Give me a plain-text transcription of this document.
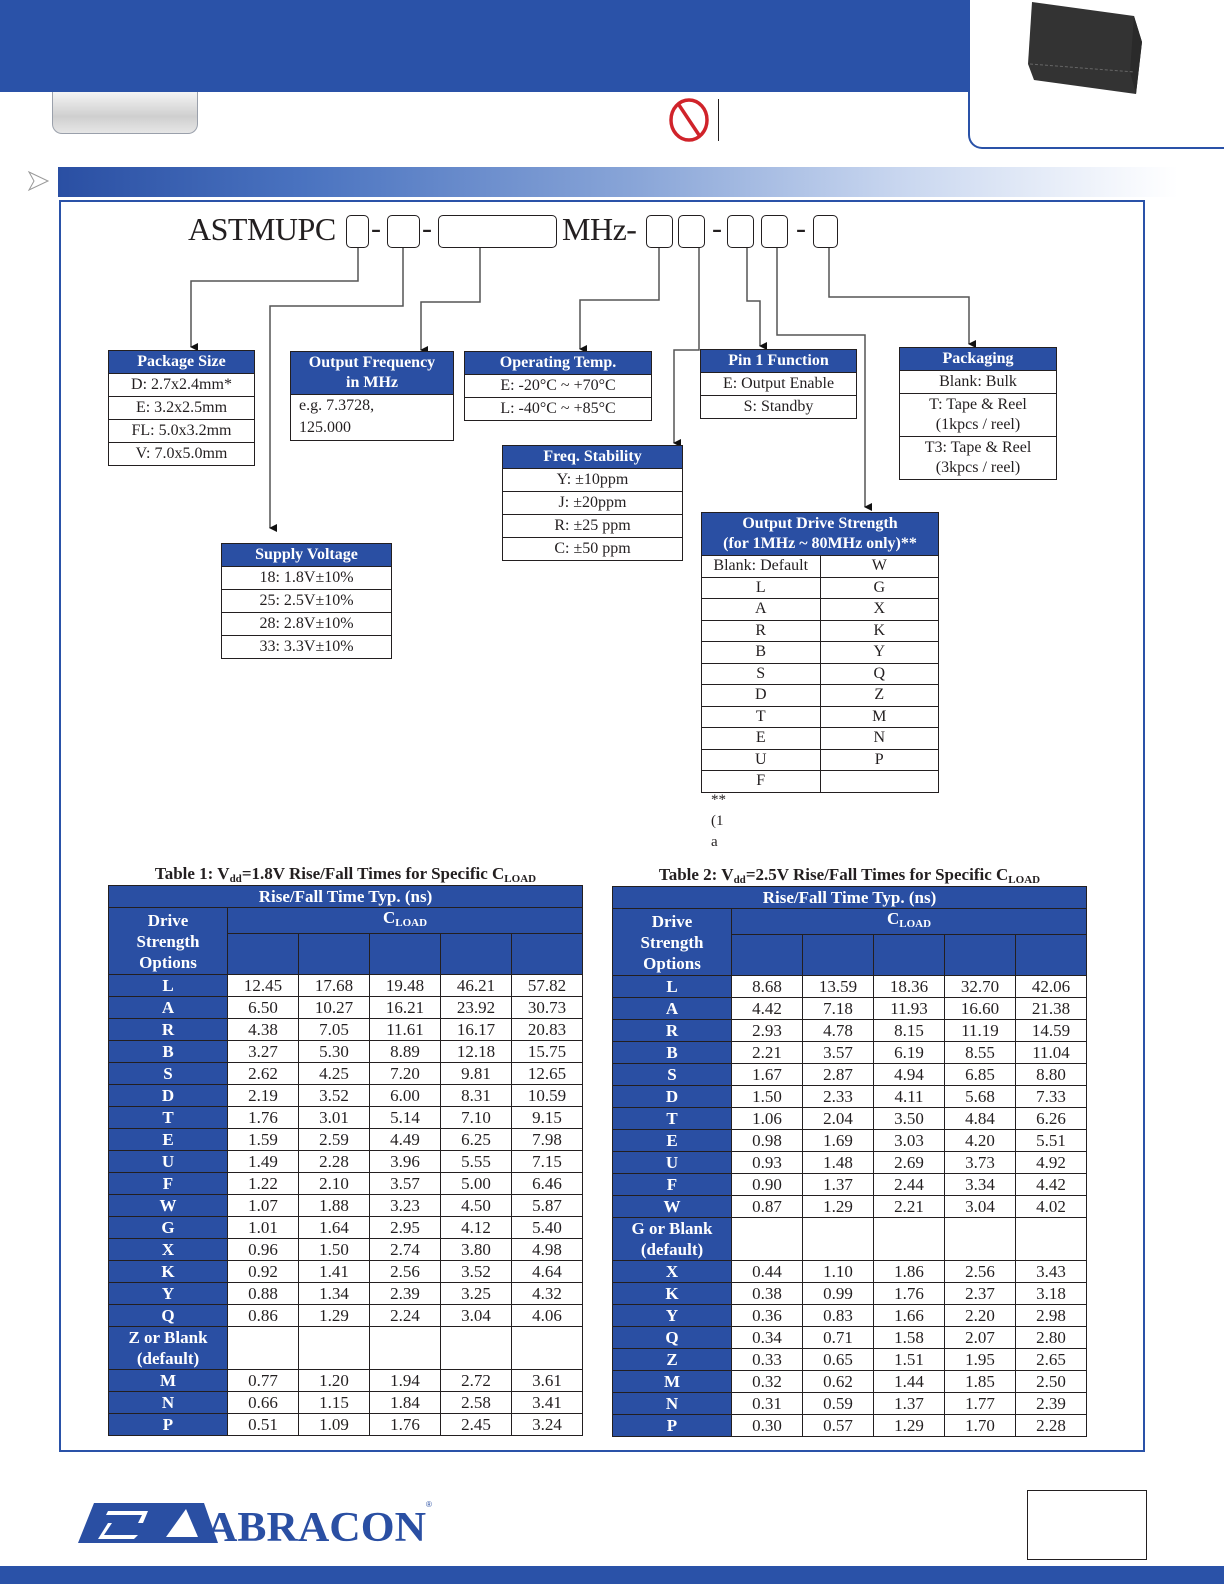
ASTMUPC - -	MHz-	- -
Package Size
D: 2.7x2.4mm*
E: 3.2x2.5mm
FL: 5.0x3.2mm
V: 7.0x5.0mm
Output Frequency
in MHz
e.g. 7.3728,
125.000
Operating Temp.
E: -20°C ~ +70°C
L: -40°C ~ +85°C
Pin 1 Function
E: Output Enable
S: Standby
Packaging
Blank: Bulk
T: Tape & Reel
(1kpcs / reel)
T3: Tape & Reel
(3kpcs / reel)
Freq. Stability
Y: ±10ppm
J: ±20ppm
R: ±25 ppm
C: ±50 ppm
Supply Voltage
18: 1.8V±10%
25: 2.5V±10%
28: 2.8V±10%
33: 3.3V±10%
Output Drive Strength
(for 1MHz ~ 80MHz only)**
Blank: Default	W
L	G
A	X
R	K
B	Y
S	Q
D	Z
T	M
E	N
U	P
F	
**
(1
a
Table 1: $V_{dd}=1.8V$ Rise/Fall Times for Specific $C_{LOAD}$
Rise/Fall Time Typ. (ns)					

Drive
Strength
Options	$C_{LOAD}$

L	12.45	17.68	19.48	46.21	57.82
A	6.50	10.27	16.21	23.92	30.73
R	4.38	7.05	11.61	16.17	20.83
B	3.27	5.30	8.89	12.18	15.75
S	2.62	4.25	7.20	9.81	12.65
D	2.19	3.52	6.00	8.31	10.59
T	1.76	3.01	5.14	7.10	9.15
E	1.59	2.59	4.49	6.25	7.98
U	1.49	2.28	3.96	5.55	7.15
F	1.22	2.10	3.57	5.00	6.46
W	1.07	1.88	3.23	4.50	5.87
G	1.01	1.64	2.95	4.12	5.40
X	0.96	1.50	2.74	3.80	4.98
K	0.92	1.41	2.56	3.52	4.64
Y	0.88	1.34	2.39	3.25	4.32
Q	0.86	1.29	2.24	3.04	4.06

Z or Blank
(default)					

M	0.77	1.20	1.94	2.72	3.61
N	0.66	1.15	1.84	2.58	3.41
P	0.51	1.09	1.76	2.45	3.24
Table 2: $V_{dd}=2.5V$ Rise/Fall Times for Specific $C_{LOAD}$
Rise/Fall Time Typ. (ns)					

Drive
Strength
Options	$C_{LOAD}$

L	8.68	13.59	18.36	32.70	42.06
A	4.42	7.18	11.93	16.60	21.38
R	2.93	4.78	8.15	11.19	14.59
B	2.21	3.57	6.19	8.55	11.04
S	1.67	2.87	4.94	6.85	8.80
D	1.50	2.33	4.11	5.68	7.33
T	1.06	2.04	3.50	4.84	6.26
E	0.98	1.69	3.03	4.20	5.51
U	0.93	1.48	2.69	3.73	4.92
F	0.90	1.37	2.44	3.34	4.42
W	0.87	1.29	2.21	3.04	4.02

G or Blank
(default)					

X	0.44	1.10	1.86	2.56	3.43
K	0.38	0.99	1.76	2.37	3.18
Y	0.36	0.83	1.66	2.20	2.98
Q	0.34	0.71	1.58	2.07	2.80
Z	0.33	0.65	1.51	1.95	2.65
M	0.32	0.62	1.44	1.85	2.50
N	0.31	0.59	1.37	1.77	2.39
P	0.30	0.57	1.29	1.70	2.28
ABRACON
®
